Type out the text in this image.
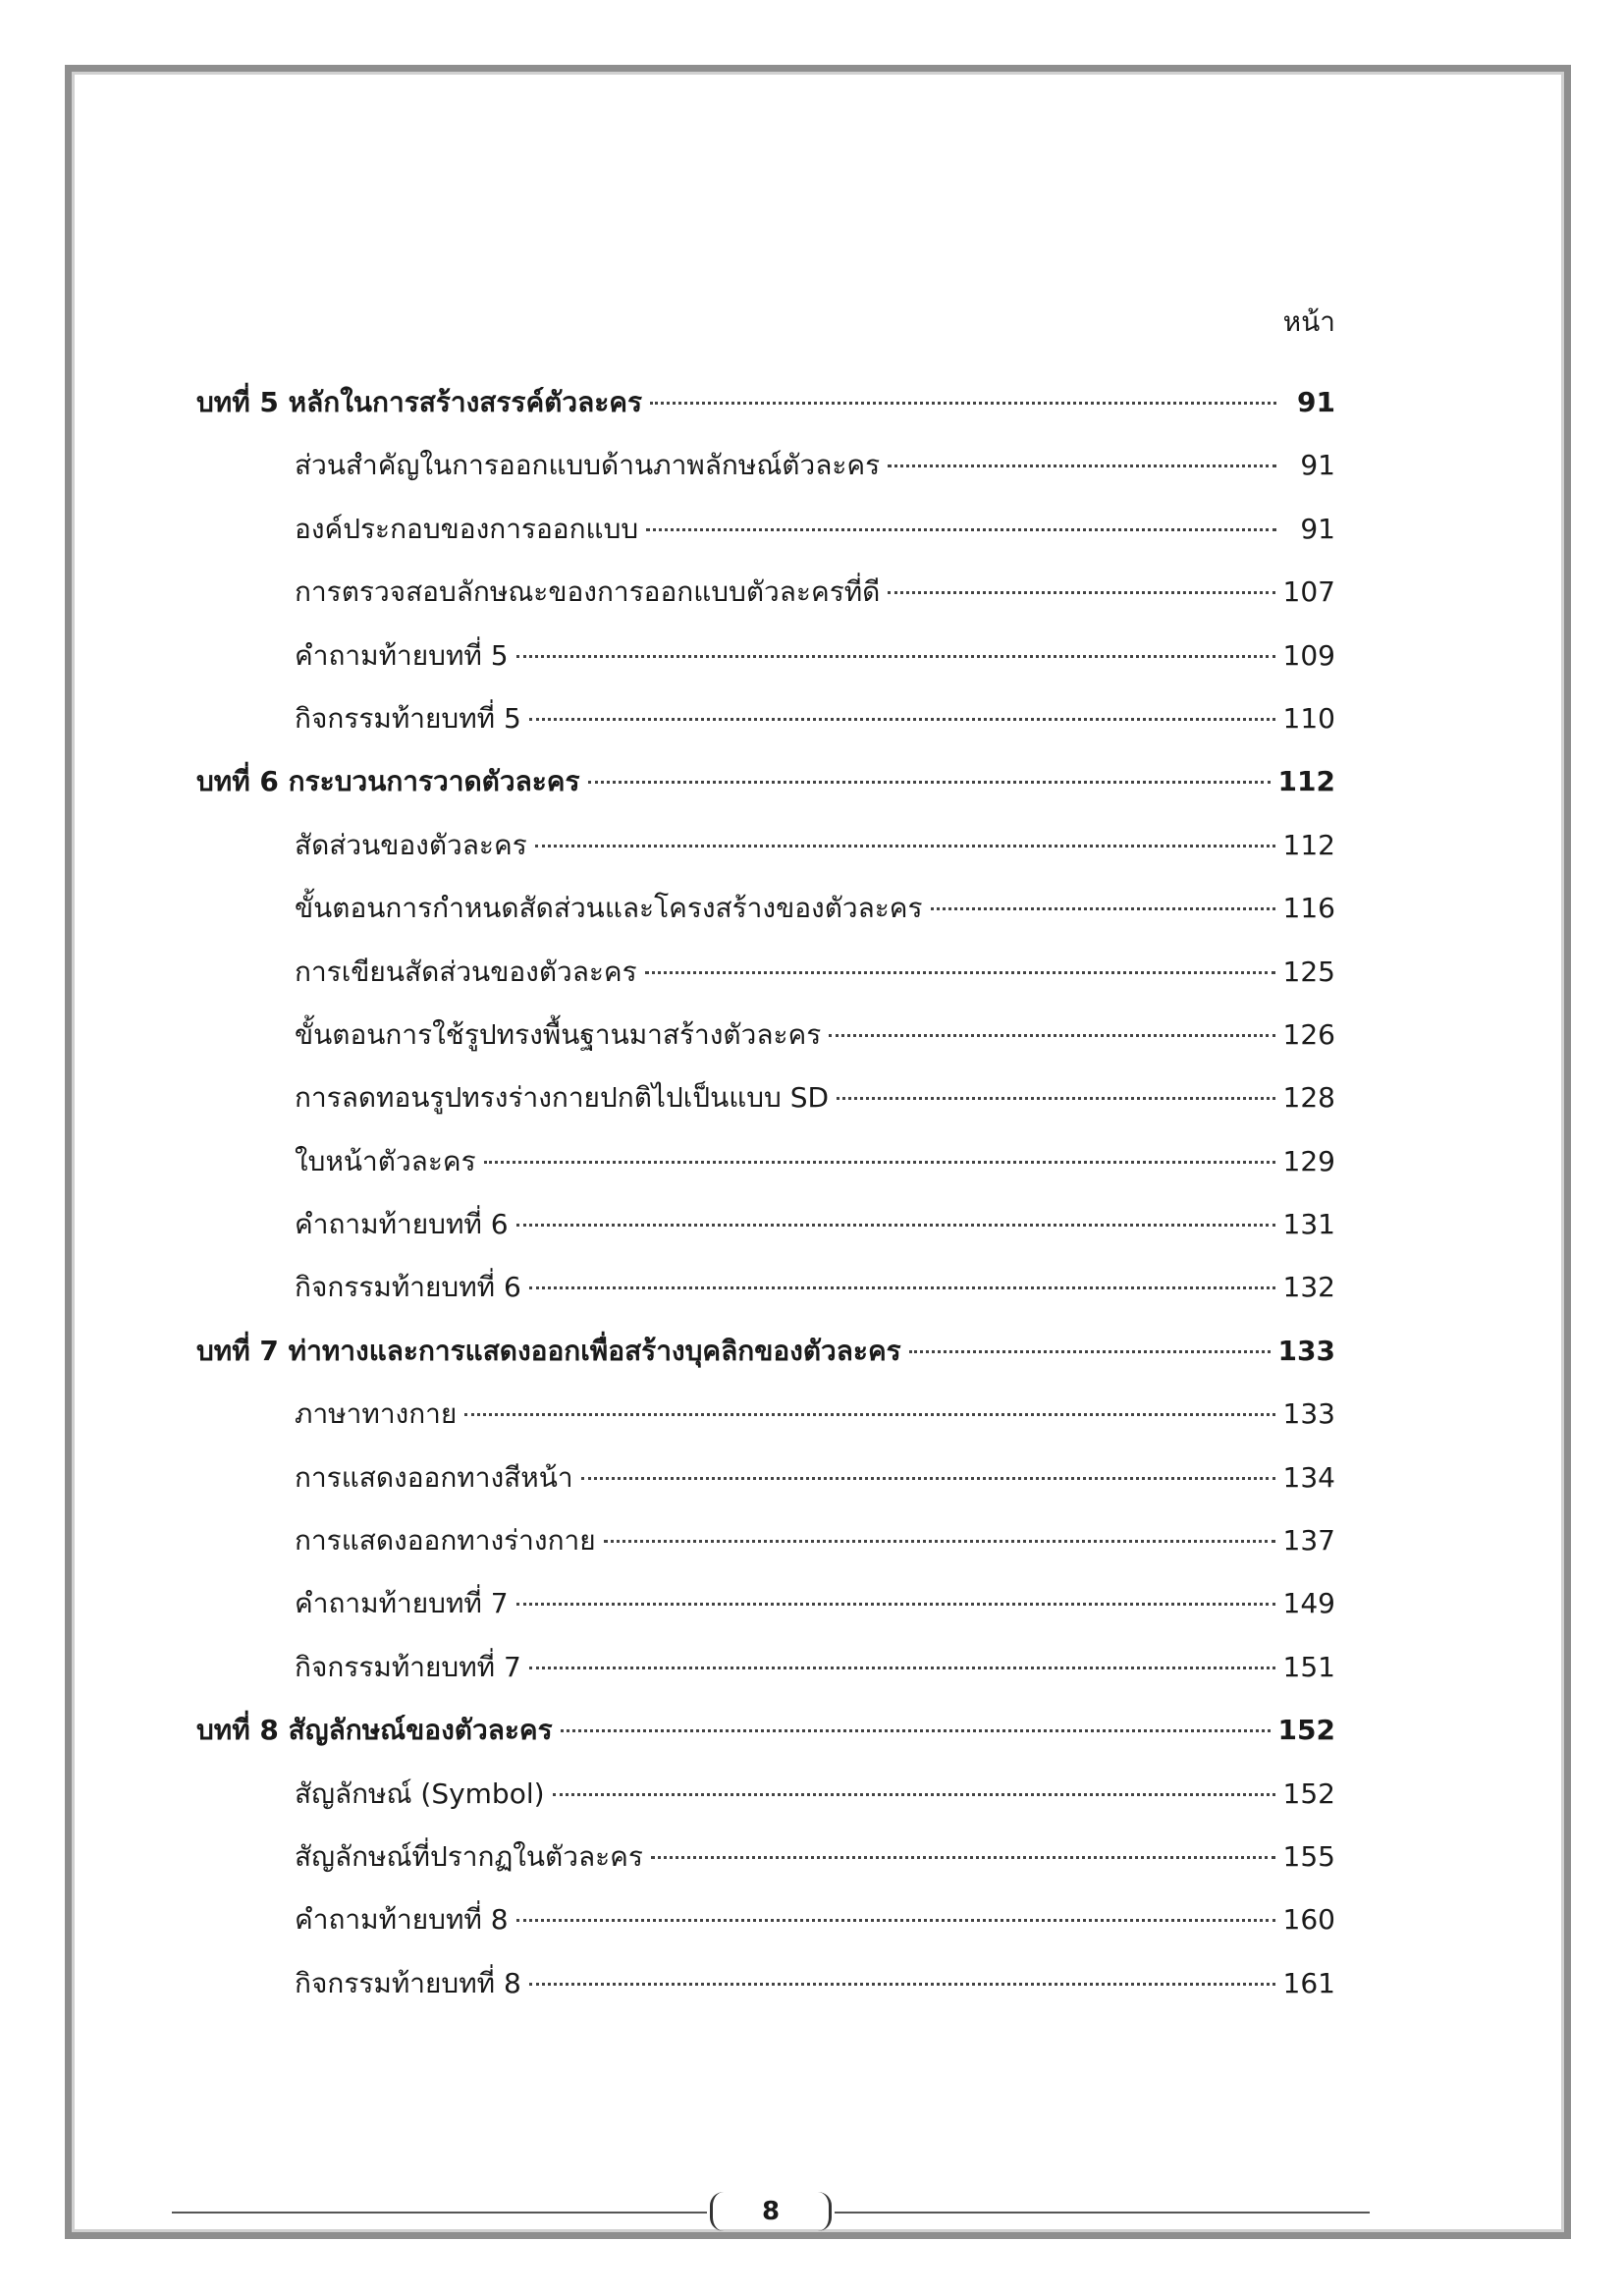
หน้า
บทที่ 5 หลักในการสร้างสรรค์ตัวละคร	91
ส่วนสำคัญในการออกแบบด้านภาพลักษณ์ตัวละคร	91
องค์ประกอบของการออกแบบ	91
การตรวจสอบลักษณะของการออกแบบตัวละครที่ดี	107
คำถามท้ายบทที่ 5	109
กิจกรรมท้ายบทที่ 5	110
บทที่ 6 กระบวนการวาดตัวละคร	112
สัดส่วนของตัวละคร	112
ขั้นตอนการกำหนดสัดส่วนและโครงสร้างของตัวละคร	116
การเขียนสัดส่วนของตัวละคร	125
ขั้นตอนการใช้รูปทรงพื้นฐานมาสร้างตัวละคร	126
การลดทอนรูปทรงร่างกายปกติไปเป็นแบบ SD	128
ใบหน้าตัวละคร	129
คำถามท้ายบทที่ 6	131
กิจกรรมท้ายบทที่ 6	132
บทที่ 7 ท่าทางและการแสดงออกเพื่อสร้างบุคลิกของตัวละคร	133
ภาษาทางกาย	133
การแสดงออกทางสีหน้า	134
การแสดงออกทางร่างกาย	137
คำถามท้ายบทที่ 7	149
กิจกรรมท้ายบทที่ 7	151
บทที่ 8 สัญลักษณ์ของตัวละคร	152
สัญลักษณ์ (Symbol)	152
สัญลักษณ์ที่ปรากฏในตัวละคร	155
คำถามท้ายบทที่ 8	160
กิจกรรมท้ายบทที่ 8	161
8
